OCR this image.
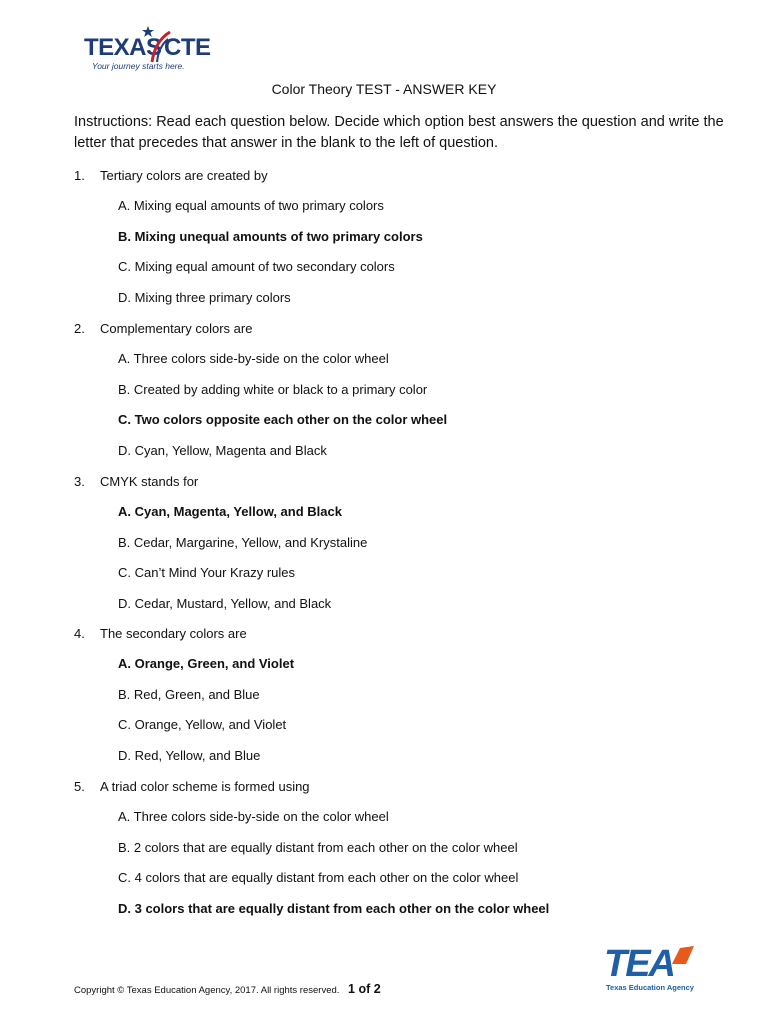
TEXAS CTE
Your journey starts here.
Color Theory TEST - ANSWER KEY
Instructions: Read each question below. Decide which option best answers the question and write the letter that precedes that answer in the blank to the left of question.
1. Tertiary colors are created by
A. Mixing equal amounts of two primary colors
B. Mixing unequal amounts of two primary colors
C. Mixing equal amount of two secondary colors
D. Mixing three primary colors
2. Complementary colors are
A. Three colors side-by-side on the color wheel
B. Created by adding white or black to a primary color
C. Two colors opposite each other on the color wheel
D. Cyan, Yellow, Magenta and Black
3. CMYK stands for
A. Cyan, Magenta, Yellow, and Black
B. Cedar, Margarine, Yellow, and Krystaline
C. Can’t Mind Your Krazy rules
D. Cedar, Mustard, Yellow, and Black
4. The secondary colors are
A. Orange, Green, and Violet
B. Red, Green, and Blue
C. Orange, Yellow, and Violet
D. Red, Yellow, and Blue
5. A triad color scheme is formed using
A. Three colors side-by-side on the color wheel
B. 2 colors that are equally distant from each other on the color wheel
C. 4 colors that are equally distant from each other on the color wheel
D. 3 colors that are equally distant from each other on the color wheel
Copyright © Texas Education Agency, 2017. All rights reserved. 1 of 2
TEA
Texas Education Agency
